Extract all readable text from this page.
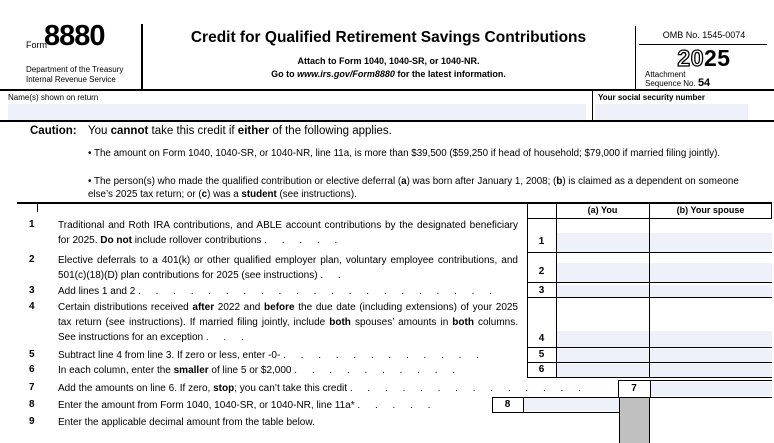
Form
8880
Department of the Treasury
Internal Revenue Service
Credit for Qualified Retirement Savings Contributions
Attach to Form 1040, 1040-SR, or 1040-NR.
Go to www.irs.gov/Form8880 for the latest information.
OMB No. 1545-0074
2025
Attachment
Sequence No. 54
Name(s) shown on return	Your social security number
Caution: You cannot take this credit if either of the following applies.
• The amount on Form 1040, 1040-SR, or 1040-NR, line 11a, is more than $39,500 ($59,250 if head of household; $79,000 if married filing jointly).
• The person(s) who made the qualified contribution or elective deferral (a) was born after January 1, 2008; (b) is claimed as a dependent on someone else’s 2025 tax return; or (c) was a student (see instructions).
(a) You	(b) Your spouse
1
2
3
4
5
6
7
8
1 Traditional and Roth IRA contributions, and ABLE account contributions by the designated beneficiary for 2025. Do not include rollover contributions . . . . .
2 Elective deferrals to a 401(k) or other qualified employer plan, voluntary employee contributions, and 501(c)(18)(D) plan contributions for 2025 (see instructions) . .
3 Add lines 1 and 2 . . . . . . . . . . . . . . . . . . . . .
4 Certain distributions received after 2022 and before the due date (including extensions) of your 2025 tax return (see instructions). If married filing jointly, include both spouses’ amounts in both columns. See instructions for an exception . . .
5 Subtract line 4 from line 3. If zero or less, enter -0- . . . . . . . . . . . .
6 In each column, enter the smaller of line 5 or $2,000 . . . . . . . . . .
7 Add the amounts on line 6. If zero, stop; you can’t take this credit . . . . . . . . . . . . . .
8 Enter the amount from Form 1040, 1040-SR, or 1040-NR, line 11a* . . . . .
9 Enter the applicable decimal amount from the table below.
